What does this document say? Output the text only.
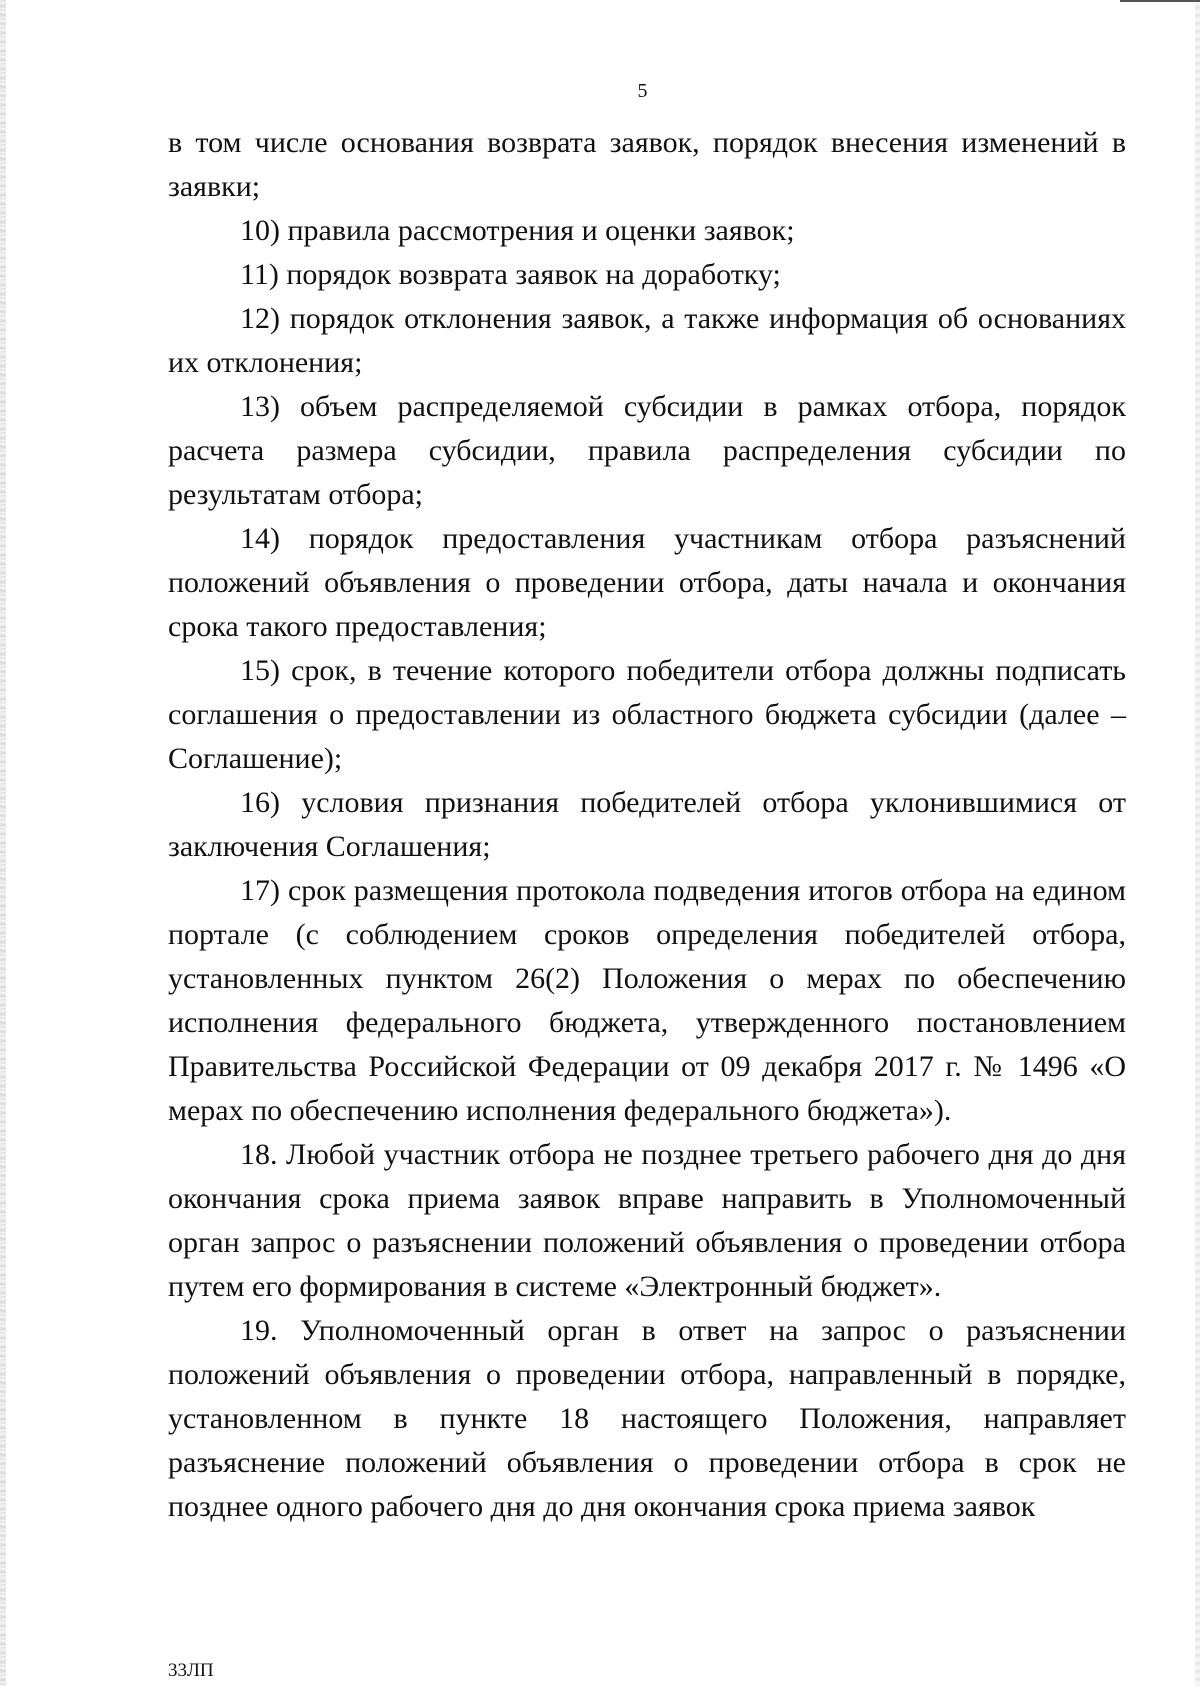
5

в том числе основания возврата заявок, порядок внесения изменений в заявки;

10) правила рассмотрения и оценки заявок;

11) порядок возврата заявок на доработку;

12) порядок отклонения заявок, а также информация об основаниях их отклонения;

13) объем распределяемой субсидии в рамках отбора, порядок расчета размера субсидии, правила распределения субсидии по результатам отбора;

14) порядок предоставления участникам отбора разъяснений положений объявления о проведении отбора, даты начала и окончания срока такого предоставления;

15) срок, в течение которого победители отбора должны подписать соглашения о предоставлении из областного бюджета субсидии (далее – Соглашение);

16) условия признания победителей отбора уклонившимися от заключения Соглашения;

17) срок размещения протокола подведения итогов отбора на едином портале (с соблюдением сроков определения победителей отбора, установленных пунктом 26(2) Положения о мерах по обеспечению исполнения федерального бюджета, утвержденного постановлением Правительства Российской Федерации от 09 декабря 2017 г. № 1496 «О мерах по обеспечению исполнения федерального бюджета»).

18. Любой участник отбора не позднее третьего рабочего дня до дня окончания срока приема заявок вправе направить в Уполномоченный орган запрос о разъяснении положений объявления о проведении отбора путем его формирования в системе «Электронный бюджет».

19. Уполномоченный орган в ответ на запрос о разъяснении положений объявления о проведении отбора, направленный в порядке, установленном в пункте 18 настоящего Положения, направляет разъяснение положений объявления о проведении отбора в срок не позднее одного рабочего дня до дня окончания срока приема заявок

33ЛП
